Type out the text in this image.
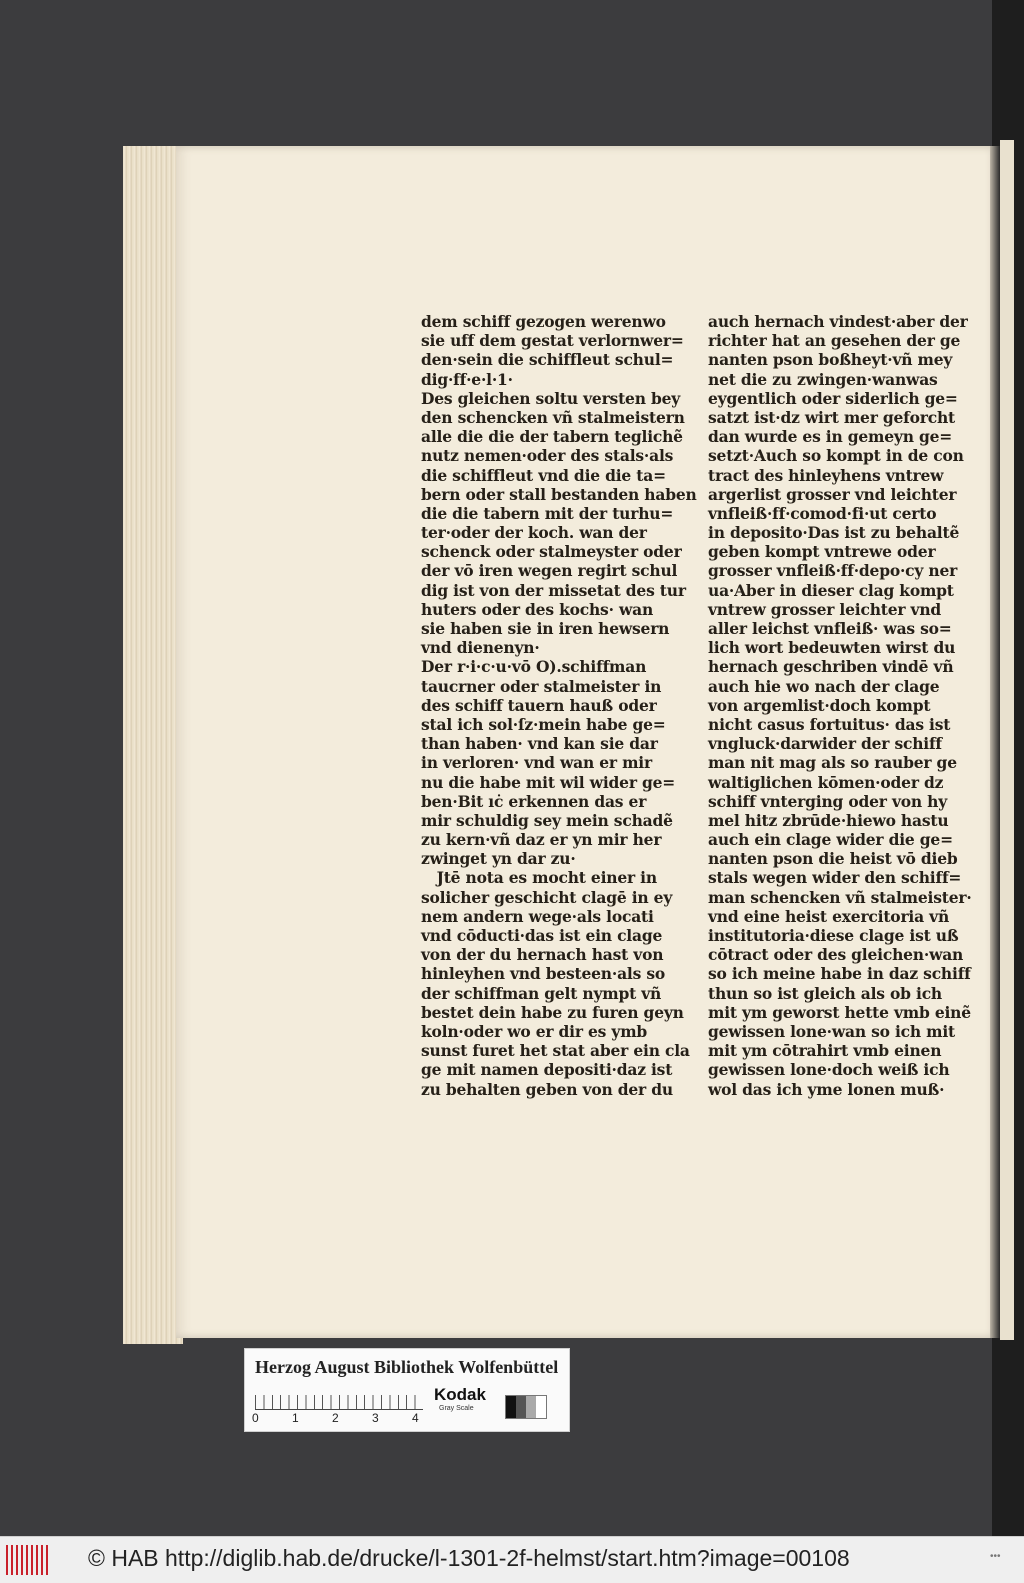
dem schiff gezogen werenwo
sie uff dem gestat verlornwer=
den·sein die schiffleut schul=
dig·ff·e·l·1·
Des gleichen soltu versten bey
den schencken vñ stalmeistern
alle die die der tabern teglichẽ
nutz nemen·oder des stals·als
die schiffleut vnd die die ta=
bern oder stall bestanden haben
die die tabern mit der turhu=
ter·oder der koch. wan der
schenck oder stalmeyster oder
der vō iren wegen regirt schul
dig ist von der missetat des tur
huters oder des kochs· wan
sie haben sie in iren hewsern
vnd dienenyn·
Der r·i·c·u·vō O).schiffman
taucrner oder stalmeister in
des schiff tauern hauß oder
stal ich sol·ſz·mein habe ge=
than haben· vnd kan sie dar
in verloren· vnd wan er mir
nu die habe mit wil wider ge=
ben·Bit ıċ erkennen das er
mir schuldig sey mein schadẽ
zu kern·vñ daz er yn mir her
zwinget yn dar zu·
Jtē nota es mocht einer in
solicher geschicht clagē in ey
nem andern wege·als locati
vnd cōducti·das ist ein clage
von der du hernach hast von
hinleyhen vnd besteen·als so
der schiffman gelt nympt vñ
bestet dein habe zu furen geyn
koln·oder wo er dir es ymb
sunst furet het stat aber ein cla
ge mit namen depositi·daz ist
zu behalten geben von der du
auch hernach vindest·aber der
richter hat an gesehen der ge
nanten pson boßheyt·vñ mey
net die zu zwingen·wanwas
eygentlich oder siderlich ge=
satzt ist·dz wirt mer geforcht
dan wurde es in gemeyn ge=
setzt·Auch so kompt in de con
tract des hinleyhens vntrew
argerlist grosser vnd leichter
vnfleiß·ff·comod·fi·ut certo
in deposito·Das ist zu behaltẽ
geben kompt vntrewe oder
grosser vnfleiß·ff·depo·cy ner
ua·Aber in dieser clag kompt
vntrew grosser leichter vnd
aller leichst vnfleiß· was so=
lich wort bedeuwten wirst du
hernach geschriben vindē vñ
auch hie wo nach der clage
von argemlist·doch kompt
nicht casus fortuitus· das ist
vngluck·darwider der schiff
man nit mag als so rauber ge
waltiglichen kōmen·oder dz
schiff vnterging oder von hy
mel hitz zbrūde·hiewo hastu
auch ein clage wider die ge=
nanten pson die heist vō dieb
stals wegen wider den schiff=
man schencken vñ stalmeister·
vnd eine heist exercitoria vñ
institutoria·diese clage ist uß
cōtract oder des gleichen·wan
so ich meine habe in daz schiff
thun so ist gleich als ob ich
mit ym geworst hette vmb einẽ
gewissen lone·wan so ich mit
mit ym cōtrahirt vmb einen
gewissen lone·doch weiß ich
wol das ich yme lonen muß·
Herzog August Bibliothek Wolfenbüttel
0	1	2	3	4
Kodak
Gray Scale
© HAB http://diglib.hab.de/drucke/l-1301-2f-helmst/start.htm?image=00108	•••
